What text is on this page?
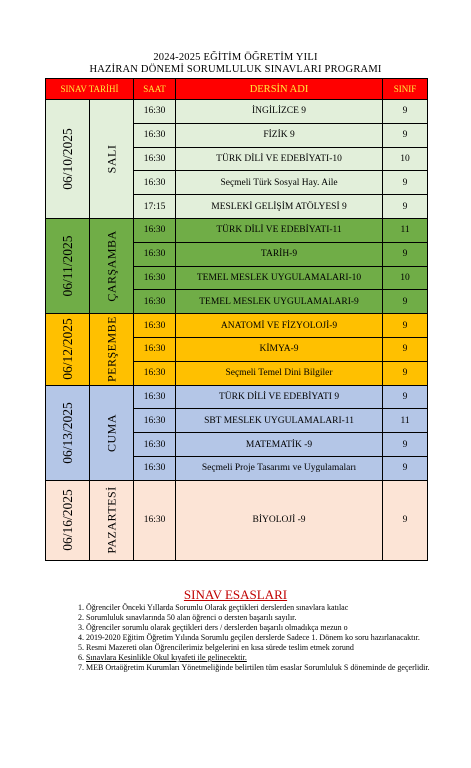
2024-2025 EĞİTİM ÖĞRETİM YILI
HAZİRAN DÖNEMİ SORUMLULUK SINAVLARI PROGRAMI
SINAV TARİHİ		SAAT	DERSİN ADI	SINIF

06/10/2025	SALI	16:30	İNGİLİZCE 9	9
		16:30	FİZİK 9	9
		16:30	TÜRK DİLİ VE EDEBİYATI-10	10
		16:30	Seçmeli Türk Sosyal Hay. Aile	9
		17:15	MESLEKİ GELİŞİM ATÖLYESİ 9	9

06/11/2025	ÇARŞAMBA	16:30	TÜRK DİLİ VE EDEBİYATI-11	11
		16:30	TARİH-9	9
		16:30	TEMEL MESLEK UYGULAMALARI-10	10
		16:30	TEMEL MESLEK UYGULAMALARI-9	9

06/12/2025	PERŞEMBE	16:30	ANATOMİ VE FİZYOLOJİ-9	9
		16:30	KİMYA-9	9
		16:30	Seçmeli Temel Dini Bilgiler	9

06/13/2025	CUMA	16:30	TÜRK DİLİ VE EDEBİYATI 9	9
		16:30	SBT MESLEK UYGULAMALARI-11	11
		16:30	MATEMATİK -9	9
		16:30	Seçmeli Proje Tasarımı ve Uygulamaları	9

06/16/2025	PAZARTESİ	16:30	BİYOLOJİ -9	9
SINAV ESASLARI
1. Öğrenciler Önceki Yıllarda Sorumlu Olarak geçtikleri derslerden sınavlara katılac
2. Sorumluluk sınavlarında 50 alan öğrenci o dersten başarılı sayılır.
3. Öğrenciler sorumlu olarak geçtikleri ders / derslerden başarılı olmadıkça mezun o
4. 2019-2020 Eğitim Öğretim Yılında Sorumlu geçilen derslerde Sadece 1. Dönem ko soru hazırlanacaktır.
5. Resmi Mazereti olan Öğrencilerimiz belgelerini en kısa sürede teslim etmek zorund
6. Sınavlara Kesinlikle Okul kıyafeti ile gelinecektir.
7. MEB Ortaöğretim Kurumları Yönetmeliğinde belirtilen tüm esaslar Sorumluluk S döneminde de geçerlidir.
